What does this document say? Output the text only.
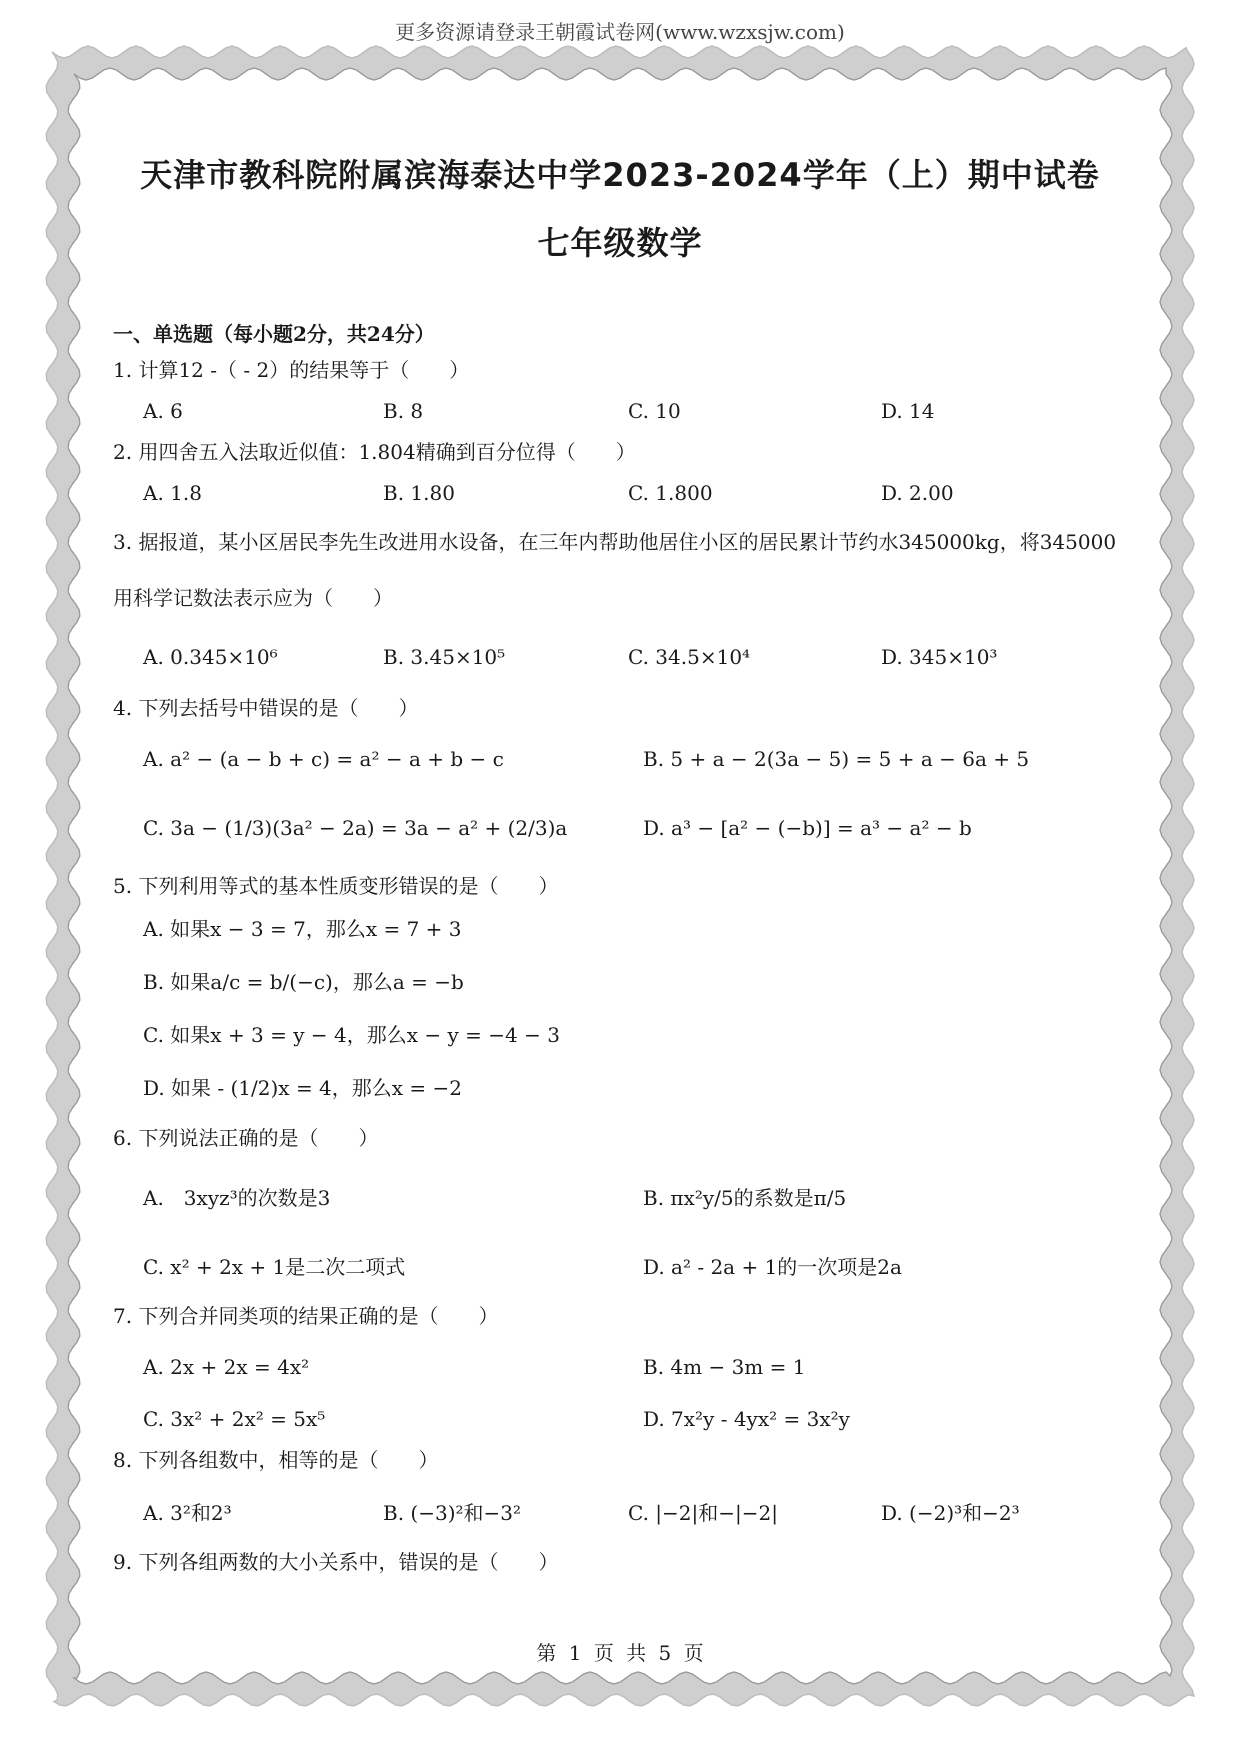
更多资源请登录王朝霞试卷网(www.wzxsjw.com)
天津市教科院附属滨海泰达中学2023-2024学年（上）期中试卷
七年级数学
一、单选题（每小题2分，共24分）
1. 计算12 -（ - 2）的结果等于（　　）
A. 6	B. 8	C. 10	D. 14
2. 用四舍五入法取近似值：1.804精确到百分位得（　　）
A. 1.8	B. 1.80	C. 1.800	D. 2.00
3. 据报道，某小区居民李先生改进用水设备，在三年内帮助他居住小区的居民累计节约水345000kg，将345000用科学记数法表示应为（　　）
A. 0.345×10⁶	B. 3.45×10⁵	C. 34.5×10⁴	D. 345×10³
4. 下列去括号中错误的是（　　）
A. a² − (a − b + c) = a² − a + b − c	B. 5 + a − 2(3a − 5) = 5 + a − 6a + 5
C. 3a − (1/3)(3a² − 2a) = 3a − a² + (2/3)a	D. a³ − [a² − (−b)] = a³ − a² − b
5. 下列利用等式的基本性质变形错误的是（　　）
A. 如果x − 3 = 7，那么x = 7 + 3
B. 如果a/c = b/(−c)，那么a = −b
C. 如果x + 3 = y − 4，那么x − y = −4 − 3
D. 如果 - (1/2)x = 4，那么x = −2
6. 下列说法正确的是（　　）
A.　3xyz³的次数是3	B. πx²y/5的系数是π/5
C. x² + 2x + 1是二次二项式	D. a² - 2a + 1的一次项是2a
7. 下列合并同类项的结果正确的是（　　）
A. 2x + 2x = 4x²	B. 4m − 3m = 1
C. 3x² + 2x² = 5x⁵	D. 7x²y - 4yx² = 3x²y
8. 下列各组数中，相等的是（　　）
A. 3²和2³	B. (−3)²和−3²	C. |−2|和−|−2|	D. (−2)³和−2³
9. 下列各组两数的大小关系中，错误的是（　　）
第 1 页 共 5 页
